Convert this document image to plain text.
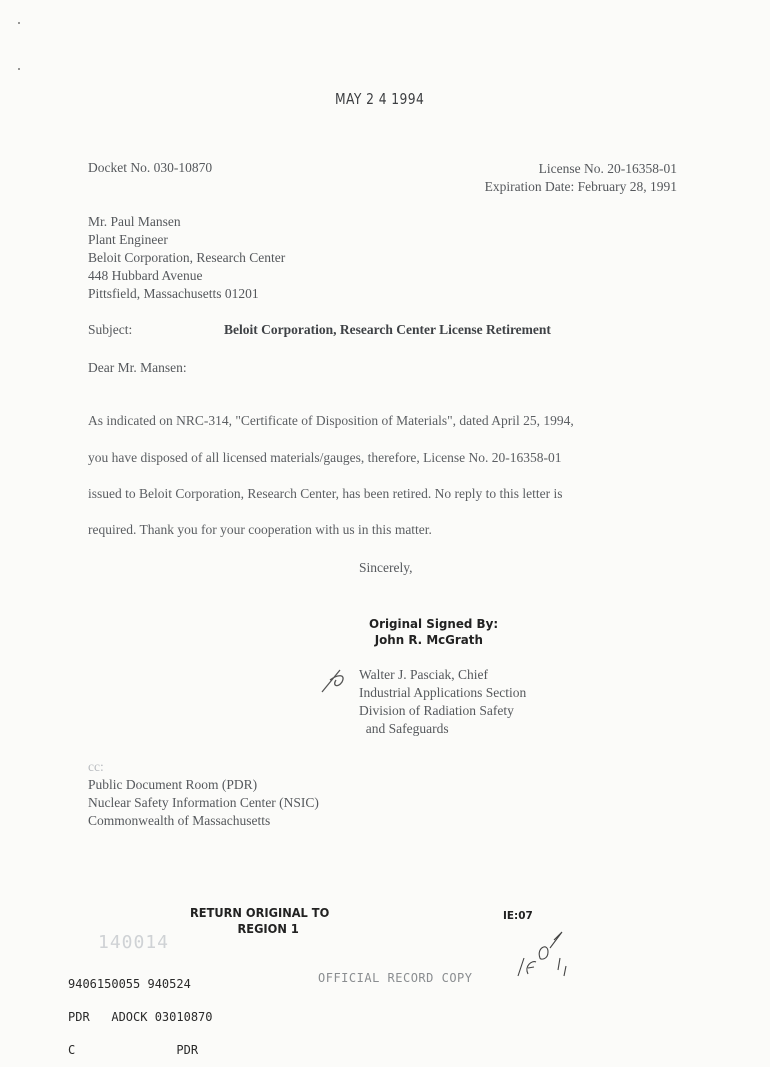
MAY 2 4 1994
Docket No. 030-10870	License No. 20-16358-01
Expiration Date: February 28, 1991
Mr. Paul Mansen
Plant Engineer
Beloit Corporation, Research Center
448 Hubbard Avenue
Pittsfield, Massachusetts 01201
Subject:	Beloit Corporation, Research Center License Retirement
Dear Mr. Mansen:
As indicated on NRC-314, "Certificate of Disposition of Materials", dated April 25, 1994,
you have disposed of all licensed materials/gauges, therefore, License No. 20-16358-01
issued to Beloit Corporation, Research Center, has been retired. No reply to this letter is
required. Thank you for your cooperation with us in this matter.
Sincerely,
Original Signed By:
John R. McGrath
Walter J. Pasciak, Chief
Industrial Applications Section
Division of Radiation Safety
and Safeguards
cc:
Public Document Room (PDR)
Nuclear Safety Information Center (NSIC)
Commonwealth of Massachusetts
RETURN ORIGINAL TO
REGION 1
IE:07
140014

9406150055 940524

PDR   ADOCK 03010870

C              PDR

OFFICIAL RECORD COPY
